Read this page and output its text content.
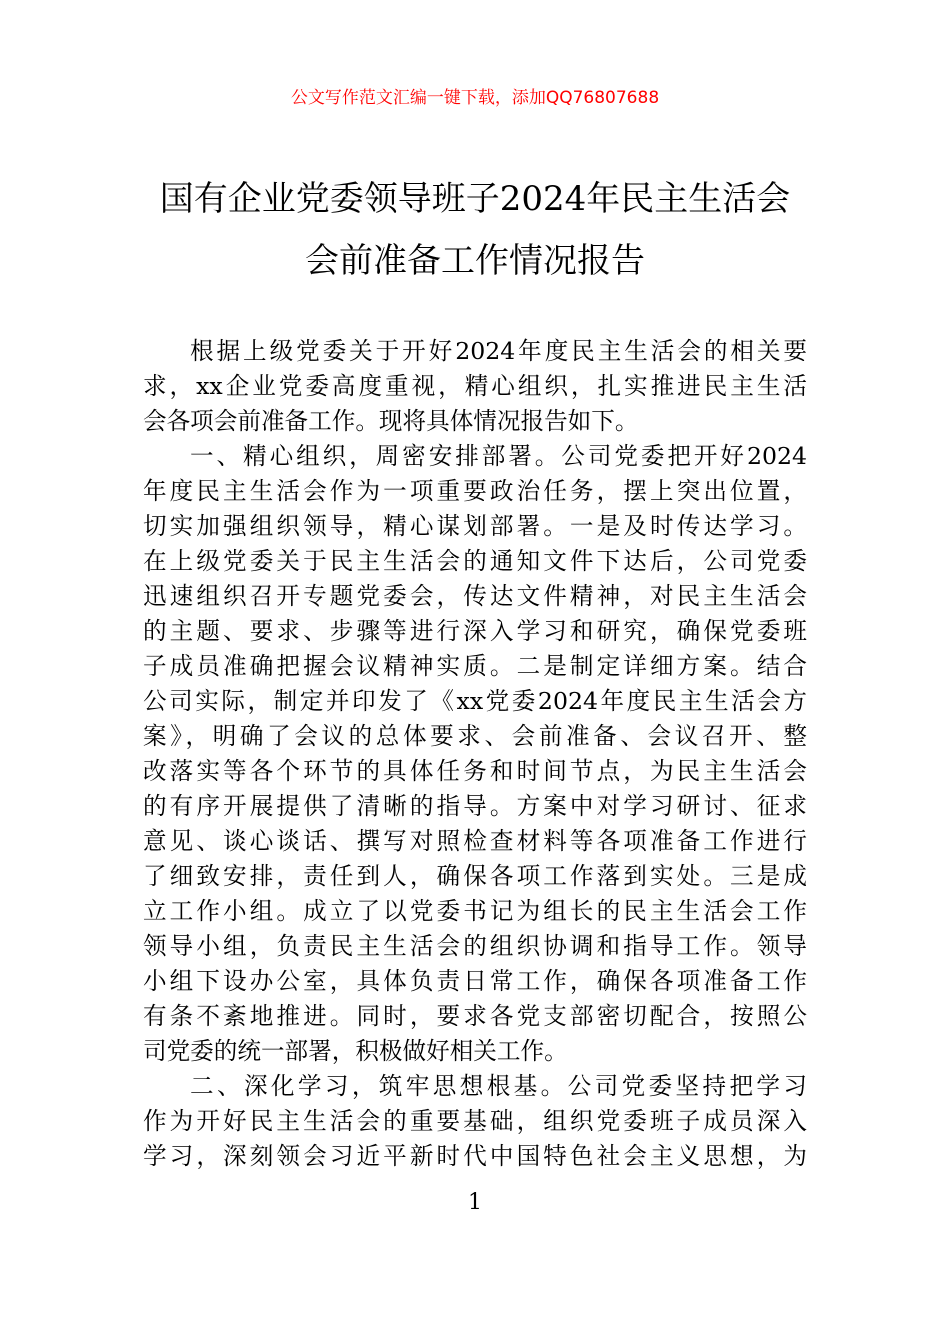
公文写作范文汇编一键下载，添加QQ76807688
国有企业党委领导班子2024年民主生活会
会前准备工作情况报告
根据上级党委关于开好2024年度民主生活会的相关要
求，xx企业党委高度重视，精心组织，扎实推进民主生活
会各项会前准备工作。现将具体情况报告如下。
一、精心组织，周密安排部署。公司党委把开好2024
年度民主生活会作为一项重要政治任务，摆上突出位置，
切实加强组织领导，精心谋划部署。一是及时传达学习。
在上级党委关于民主生活会的通知文件下达后，公司党委
迅速组织召开专题党委会，传达文件精神，对民主生活会
的主题、要求、步骤等进行深入学习和研究，确保党委班
子成员准确把握会议精神实质。二是制定详细方案。结合
公司实际，制定并印发了《xx党委2024年度民主生活会方
案》，明确了会议的总体要求、会前准备、会议召开、整
改落实等各个环节的具体任务和时间节点，为民主生活会
的有序开展提供了清晰的指导。方案中对学习研讨、征求
意见、谈心谈话、撰写对照检查材料等各项准备工作进行
了细致安排，责任到人，确保各项工作落到实处。三是成
立工作小组。成立了以党委书记为组长的民主生活会工作
领导小组，负责民主生活会的组织协调和指导工作。领导
小组下设办公室，具体负责日常工作，确保各项准备工作
有条不紊地推进。同时，要求各党支部密切配合，按照公
司党委的统一部署，积极做好相关工作。
二、深化学习，筑牢思想根基。公司党委坚持把学习
作为开好民主生活会的重要基础，组织党委班子成员深入
学习，深刻领会习近平新时代中国特色社会主义思想，为
1
